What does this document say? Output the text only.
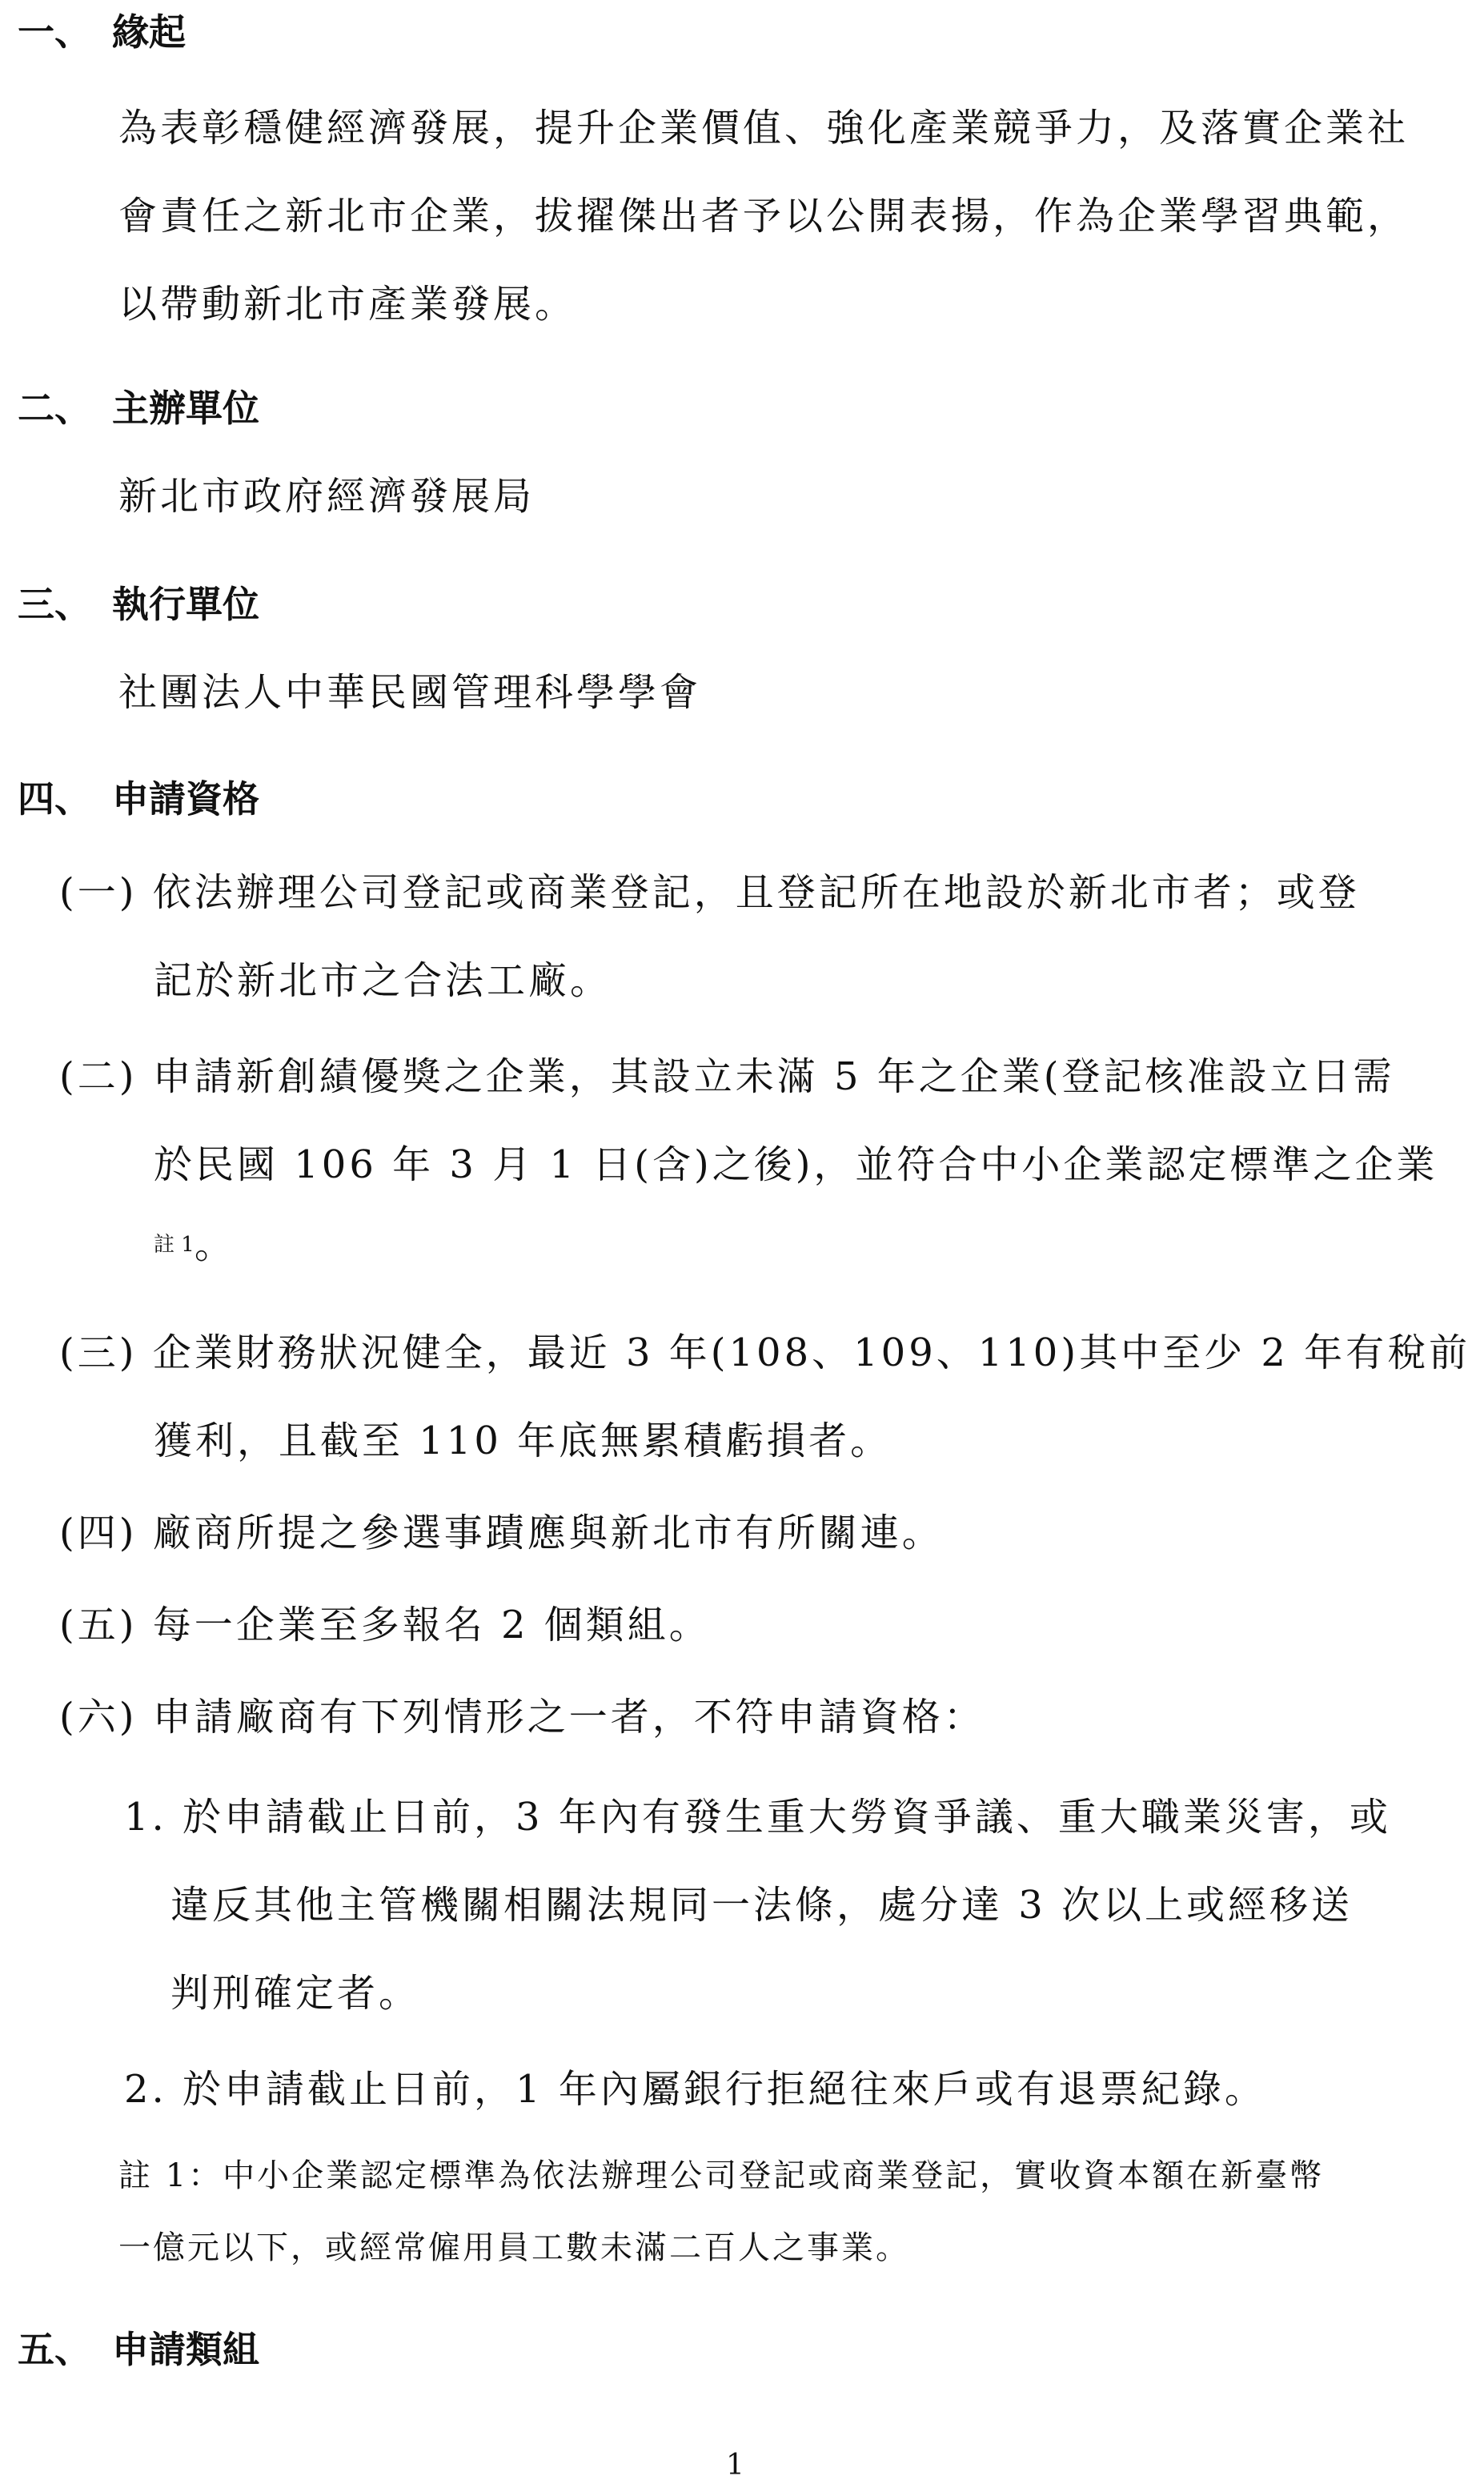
一、 緣起
為表彰穩健經濟發展，提升企業價值、強化產業競爭力，及落實企業社
會責任之新北市企業，拔擢傑出者予以公開表揚，作為企業學習典範，
以帶動新北市產業發展。
二、 主辦單位
新北市政府經濟發展局
三、 執行單位
社團法人中華民國管理科學學會
四、 申請資格
(一) 依法辦理公司登記或商業登記，且登記所在地設於新北市者；或登
記於新北市之合法工廠。
(二) 申請新創績優獎之企業，其設立未滿 5 年之企業(登記核准設立日需
於民國 106 年 3 月 1 日(含)之後)，並符合中小企業認定標準之企業
$^{註 1}$。
(三) 企業財務狀況健全，最近 3 年(108、109、110)其中至少 2 年有稅前
獲利，且截至 110 年底無累積虧損者。
(四) 廠商所提之參選事蹟應與新北市有所關連。
(五) 每一企業至多報名 2 個類組。
(六) 申請廠商有下列情形之一者，不符申請資格：
1. 於申請截止日前，3 年內有發生重大勞資爭議、重大職業災害，或
違反其他主管機關相關法規同一法條，處分達 3 次以上或經移送
判刑確定者。
2. 於申請截止日前，1 年內屬銀行拒絕往來戶或有退票紀錄。
註 1：中小企業認定標準為依法辦理公司登記或商業登記，實收資本額在新臺幣
一億元以下，或經常僱用員工數未滿二百人之事業。
五、 申請類組
1
